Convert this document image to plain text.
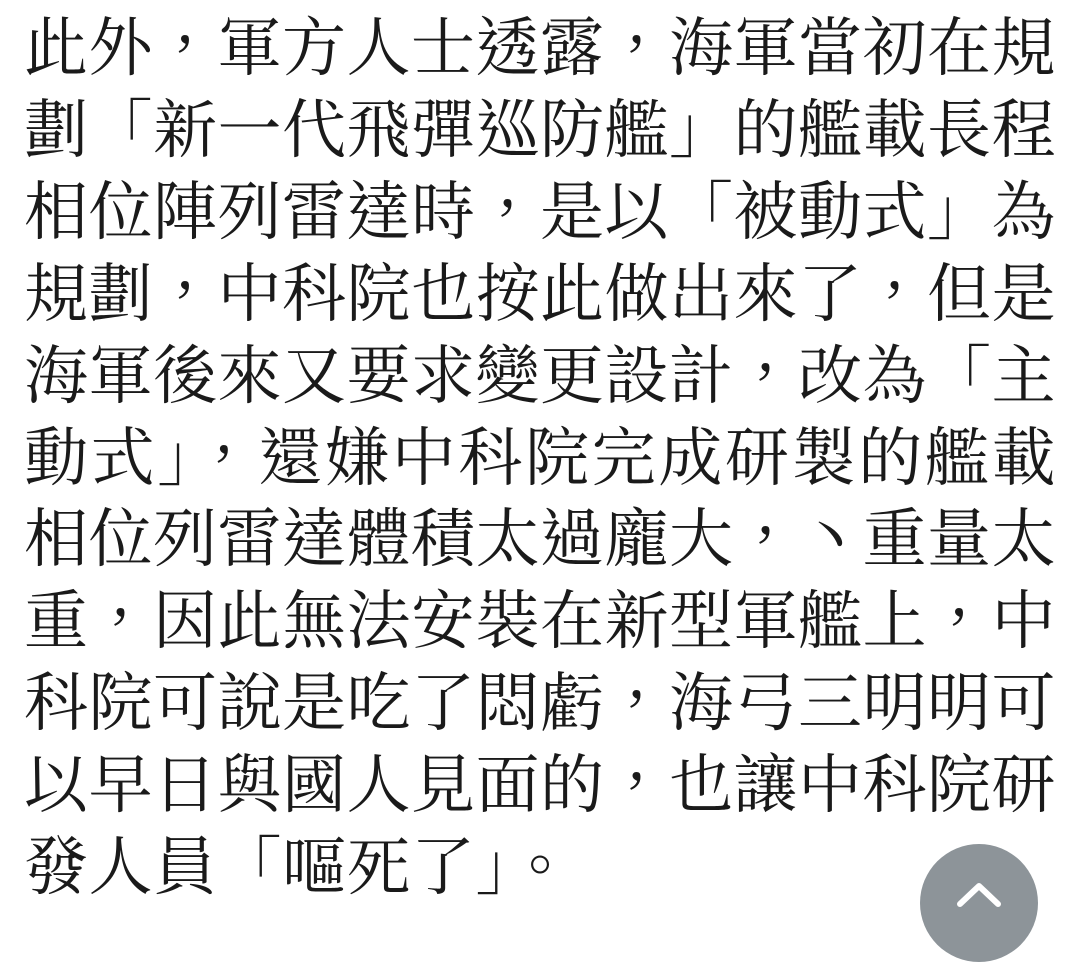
此外，軍方人士透露，海軍當初在規劃「新一代飛彈巡防艦」的艦載長程相位陣列雷達時，是以「被動式」為規劃，中科院也按此做出來了，但是海軍後來又要求變更設計，改為「主動式」，還嫌中科院完成研製的艦載相位列雷達體積太過龐大，丶重量太重，因此無法安裝在新型軍艦上，中科院可說是吃了悶虧，海弓三明明可以早日與國人見面的，也讓中科院研發人員「嘔死了」。
